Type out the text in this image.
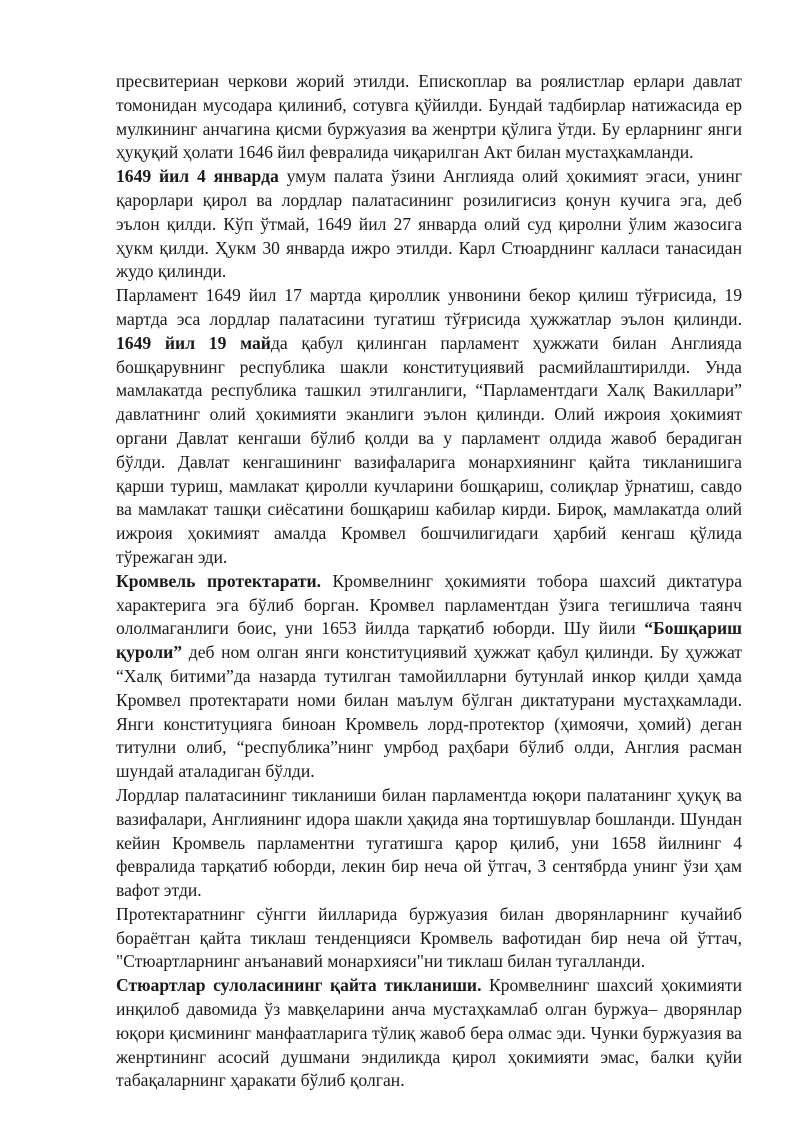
пресвитериан черкови жорий этилди. Епископлар ва роялистлар ерлари давлат томонидан мусодара қилиниб, сотувга қўйилди. Бундай тадбирлар натижасида ер мулкининг анчагина қисми буржуазия ва женртри қўлига ўтди. Бу ерларнинг янги ҳуқуқий ҳолати 1646 йил февралида чиқарилган Акт билан мустаҳкамланди.

1649 йил 4 январда умум палата ўзини Англияда олий ҳокимият эгаси, унинг қарорлари қирол ва лордлар палатасининг розилигисиз қонун кучига эга, деб эълон қилди. Кўп ўтмай, 1649 йил 27 январда олий суд қиролни ўлим жазосига ҳукм қилди. Ҳукм 30 январда ижро этилди. Карл Стюарднинг калласи танасидан жудо қилинди.

Парламент 1649 йил 17 мартда қироллик унвонини бекор қилиш тўғрисида, 19 мартда эса лордлар палатасини тугатиш тўғрисида ҳужжатлар эълон қилинди. 1649 йил 19 майда қабул қилинган парламент ҳужжати билан Англияда бошқарувнинг республика шакли конституциявий расмийлаштирилди. Унда мамлакатда республика ташкил этилганлиги, “Парламентдаги Халқ Вакиллари” давлатнинг олий ҳокимияти эканлиги эълон қилинди. Олий ижроия ҳокимият органи Давлат кенгаши бўлиб қолди ва у парламент олдида жавоб берадиган бўлди. Давлат кенгашининг вазифаларига монархиянинг қайта тикланишига қарши туриш, мамлакат қиролли кучларини бошқариш, солиқлар ўрнатиш, савдо ва мамлакат ташқи сиёсатини бошқариш кабилар кирди. Бироқ, мамлакатда олий ижроия ҳокимият амалда Кромвел бошчилигидаги ҳарбий кенгаш қўлида тўрежаган эди.

Кромвель протектарати. Кромвелнинг ҳокимияти тобора шахсий диктатура характерига эга бўлиб борган. Кромвел парламентдан ўзига тегишлича таянч ололмаганлиги боис, уни 1653 йилда тарқатиб юборди. Шу йили “Бошқариш қуроли” деб ном олган янги конституциявий ҳужжат қабул қилинди. Бу ҳужжат “Халқ битими”да назарда тутилган тамойилларни бутунлай инкор қилди ҳамда Кромвел протектарати номи билан маълум бўлган диктатурани мустаҳкамлади. Янги конституцияга биноан Кромвель лорд-протектор (ҳимоячи, ҳомий) деган титулни олиб, “республика”нинг умрбод раҳбари бўлиб олди, Англия расман шундай аталадиган бўлди.

Лордлар палатасининг тикланиши билан парламентда юқори палатанинг ҳуқуқ ва вазифалари, Англиянинг идора шакли ҳақида яна тортишувлар бошланди. Шундан кейин Кромвель парламентни тугатишга қарор қилиб, уни 1658 йилнинг 4 февралида тарқатиб юборди, лекин бир неча ой ўтгач, 3 сентябрда унинг ўзи ҳам вафот этди.

Протектаратнинг сўнгги йилларида буржуазия билан дворянларнинг кучайиб бораётган қайта тиклаш тенденцияси Кромвель вафотидан бир неча ой ўттач, "Стюартларнинг анъанавий монархияси"ни тиклаш билан тугалланди.

Стюартлар сулоласининг қайта тикланиши. Кромвелнинг шахсий ҳокимияти инқилоб давомида ўз мавқеларини анча мустаҳкамлаб олган буржуа– дворянлар юқори қисмининг манфаатларига тўлиқ жавоб бера олмас эди. Чунки буржуазия ва женртининг асосий душмани эндиликда қирол ҳокимияти эмас, балки қуйи табақаларнинг ҳаракати бўлиб қолган.
